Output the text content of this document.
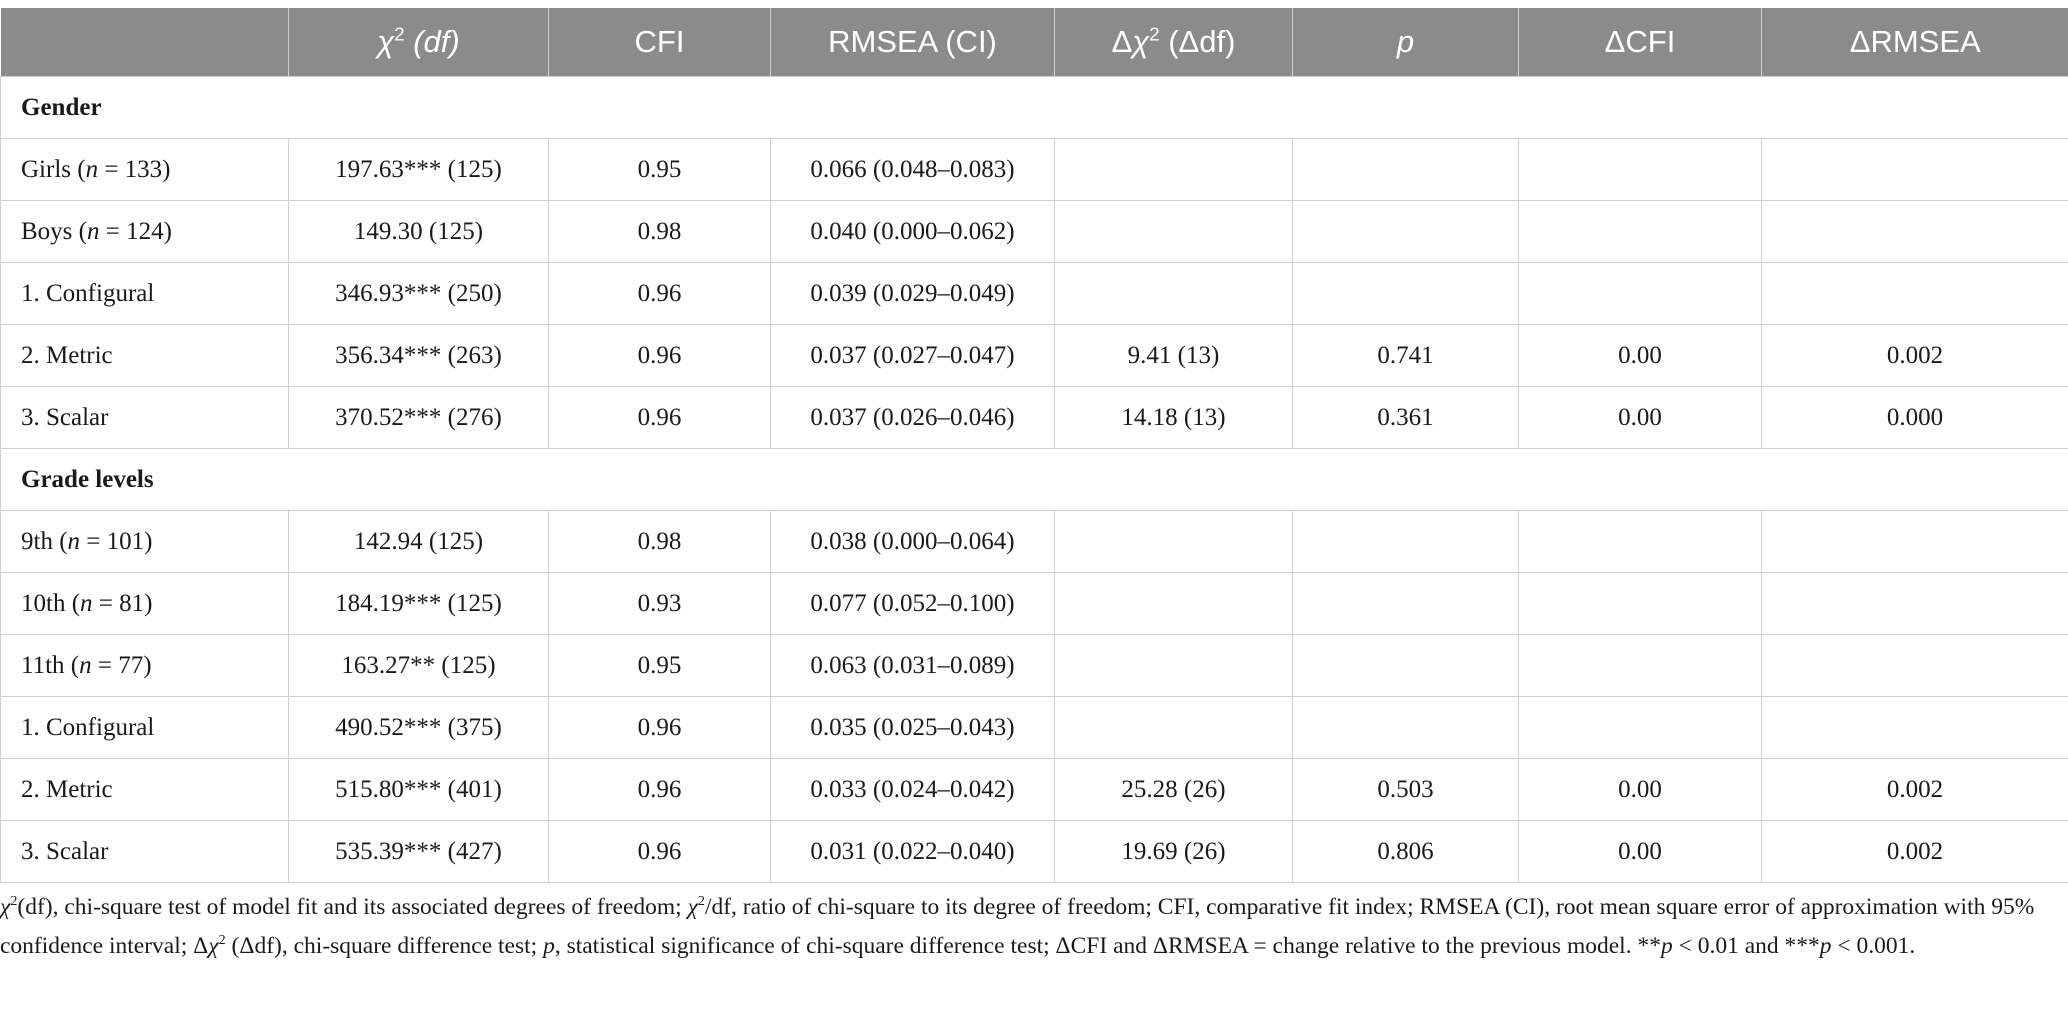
	$\chi^2$ (df)	CFI	RMSEA (CI)	$\Delta\chi^2$ (Δdf)	p	ΔCFI	ΔRMSEA
Gender							
Girls (n = 133)	197.63*** (125)	0.95	0.066 (0.048–0.083)				
Boys (n = 124)	149.30 (125)	0.98	0.040 (0.000–0.062)				
1. Configural	346.93*** (250)	0.96	0.039 (0.029–0.049)				
2. Metric	356.34*** (263)	0.96	0.037 (0.027–0.047)	9.41 (13)	0.741	0.00	0.002
3. Scalar	370.52*** (276)	0.96	0.037 (0.026–0.046)	14.18 (13)	0.361	0.00	0.000
Grade levels							
9th (n = 101)	142.94 (125)	0.98	0.038 (0.000–0.064)				
10th (n = 81)	184.19*** (125)	0.93	0.077 (0.052–0.100)				
11th (n = 77)	163.27** (125)	0.95	0.063 (0.031–0.089)				
1. Configural	490.52*** (375)	0.96	0.035 (0.025–0.043)				
2. Metric	515.80*** (401)	0.96	0.033 (0.024–0.042)	25.28 (26)	0.503	0.00	0.002
3. Scalar	535.39*** (427)	0.96	0.031 (0.022–0.040)	19.69 (26)	0.806	0.00	0.002
$\chi^2(df)$, chi-square test of model fit and its associated degrees of freedom; $\chi^2/df$, ratio of chi-square to its degree of freedom; CFI, comparative fit index; RMSEA (CI), root mean square error of approximation with 95% confidence interval; $\Delta\chi^2$ (Δdf), chi-square difference test; p, statistical significance of chi-square difference test; ΔCFI and ΔRMSEA = change relative to the previous model. **p < 0.01 and ***p < 0.001.
